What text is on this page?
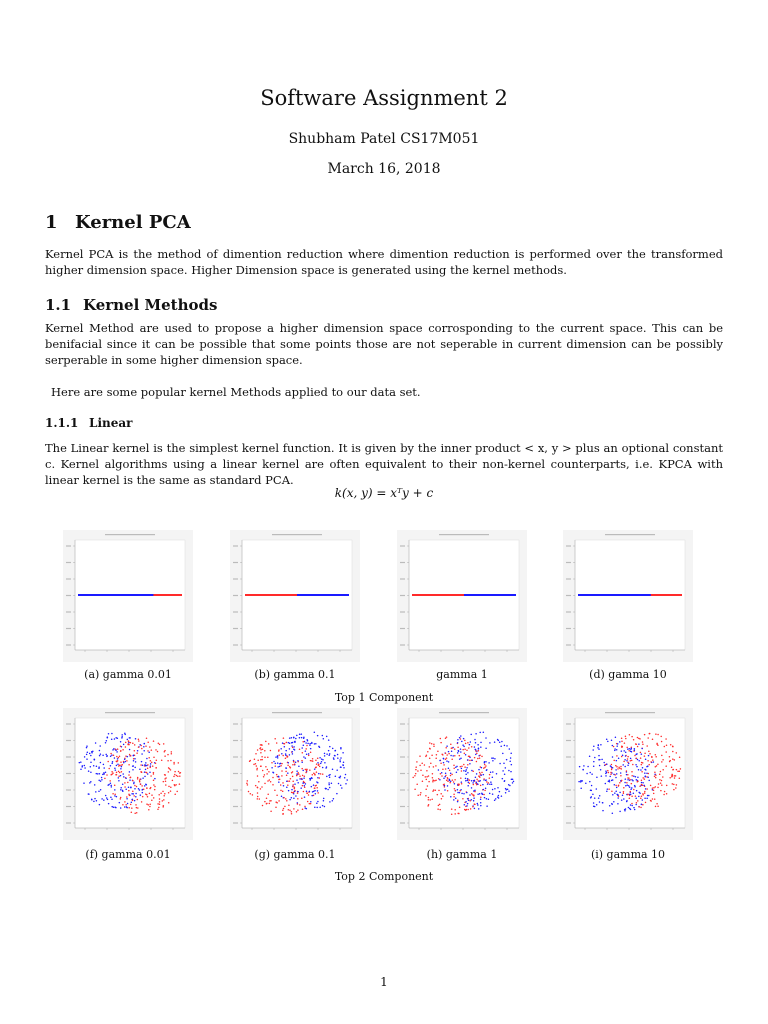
Software Assignment 2
Shubham Patel CS17M051
March 16, 2018
1 Kernel PCA
Kernel PCA is the method of dimention reduction where dimention reduction is performed over the transformed higher dimension space. Higher Dimension space is generated using the kernel methods.
1.1 Kernel Methods
Kernel Method are used to propose a higher dimension space corrosponding to the current space. This can be benifacial since it can be possible that some points those are not seperable in current dimension can be possibly serperable in some higher dimension space.
Here are some popular kernel Methods applied to our data set.
1.1.1 Linear
The Linear kernel is the simplest kernel function. It is given by the inner product < x, y > plus an optional constant c. Kernel algorithms using a linear kernel are often equivalent to their non-kernel counterparts, i.e. KPCA with linear kernel is the same as standard PCA.
k(x, y) = xᵀy + c
(a) gamma 0.01	(b) gamma 0.1	gamma 1	(d) gamma 10
Top 1 Component
(f) gamma 0.01	(g) gamma 0.1	(h) gamma 1	(i) gamma 10
Top 2 Component
1
